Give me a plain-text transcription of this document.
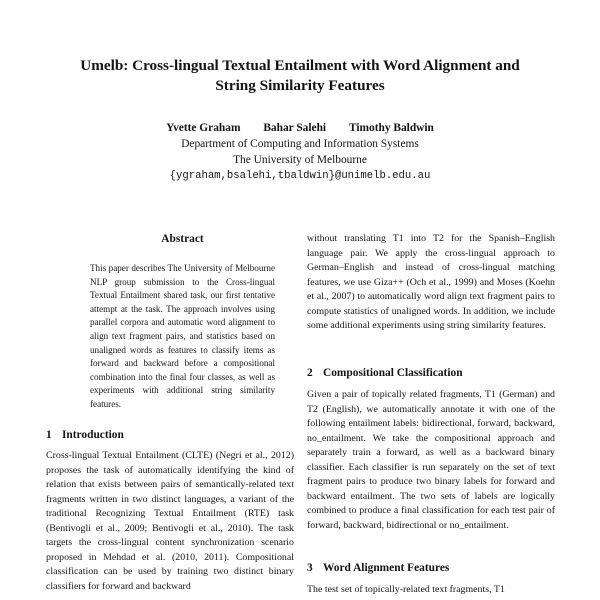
Umelb: Cross-lingual Textual Entailment with Word Alignment and String Similarity Features
Yvette Graham Bahar Salehi Timothy Baldwin
Department of Computing and Information Systems
The University of Melbourne
{ygraham,bsalehi,tbaldwin}@unimelb.edu.au
Abstract
This paper describes The University of Melbourne NLP group submission to the Cross-lingual Textual Entailment shared task, our first tentative attempt at the task. The approach involves using parallel corpora and automatic word alignment to align text fragment pairs, and statistics based on unaligned words as features to classify items as forward and backward before a compositional combination into the final four classes, as well as experiments with additional string similarity features.
1 Introduction
Cross-lingual Textual Entailment (CLTE) (Negri et al., 2012) proposes the task of automatically identifying the kind of relation that exists between pairs of semantically-related text fragments written in two distinct languages, a variant of the traditional Recognizing Textual Entailment (RTE) task (Bentivogli et al., 2009; Bentivogli et al., 2010). The task targets the cross-lingual content synchronization scenario proposed in Mehdad et al. (2010, 2011). Compositional classification can be used by training two distinct binary classifiers for forward and backward
without translating T1 into T2 for the Spanish–English language pair. We apply the cross-lingual approach to German–English and instead of cross-lingual matching features, we use Giza++ (Och et al., 1999) and Moses (Koehn et al., 2007) to automatically word align text fragment pairs to compute statistics of unaligned words. In addition, we include some additional experiments using string similarity features.
2 Compositional Classification
Given a pair of topically related fragments, T1 (German) and T2 (English), we automatically annotate it with one of the following entailment labels: bidirectional, forward, backward, no_entailment. We take the compositional approach and separately train a forward, as well as a backward binary classifier. Each classifier is run separately on the set of text fragment pairs to produce two binary labels for forward and backward entailment. The two sets of labels are logically combined to produce a final classification for each test pair of forward, backward, bidirectional or no_entailment.
3 Word Alignment Features
The test set of topically-related text fragments, T1
